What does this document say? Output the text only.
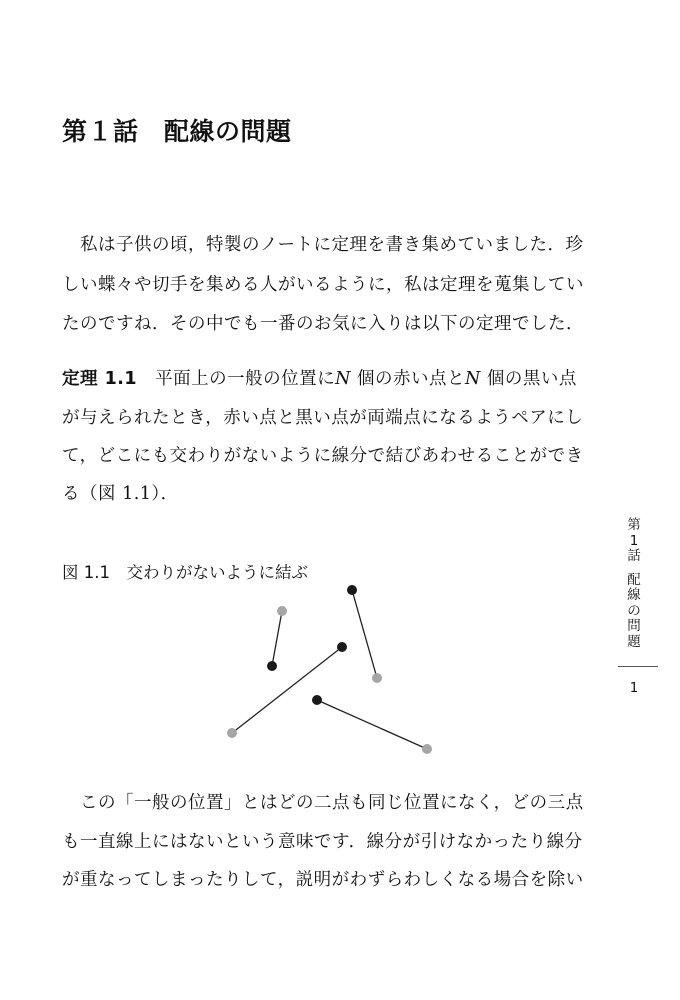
第１話　配線の問題
　私は子供の頃，特製のノートに定理を書き集めていました．珍
しい蝶々や切手を集める人がいるように，私は定理を蒐集してい
たのですね．その中でも一番のお気に入りは以下の定理でした．
定理 1.1　平面上の一般の位置にN 個の赤い点とN 個の黒い点
が与えられたとき，赤い点と黒い点が両端点になるようペアにし
て，どこにも交わりがないように線分で結びあわせることができ
る（図 1.1）．
図 1.1　交わりがないように結ぶ
　この「一般の位置」とはどの二点も同じ位置になく，どの三点
も一直線上にはないという意味です．線分が引けなかったり線分
が重なってしまったりして，説明がわずらわしくなる場合を除い
第
1
話
配
線
の
問
題
1
